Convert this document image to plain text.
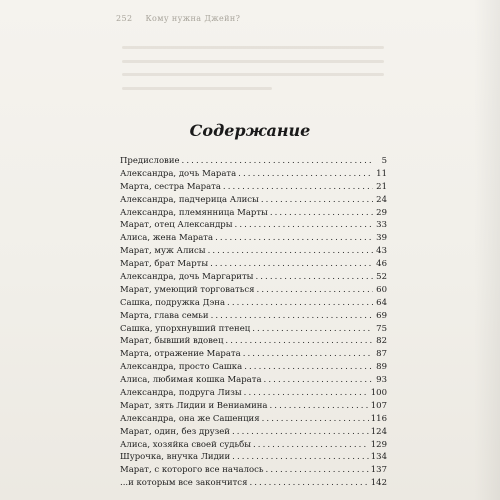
252 Кому нужна Джейн?
Содержание
Предисловие . . .	5
Александра, дочь Марата . . .	11
Марта, сестра Марата . . .	21
Александра, падчерица Алисы . . .	24
Александра, племянница Марты . . .	29
Марат, отец Александры . . .	33
Алиса, жена Марата . . .	39
Марат, муж Алисы . . .	43
Марат, брат Марты . . .	46
Александра, дочь Маргариты . . .	52
Марат, умеющий торговаться . . .	60
Сашка, подружка Дэна . . .	64
Марта, глава семьи . . .	69
Сашка, упорхнувший птенец . . .	75
Марат, бывший вдовец . . .	82
Марта, отражение Марата . . .	87
Александра, просто Сашка . . .	89
Алиса, любимая кошка Марата . . .	93
Александра, подруга Лизы . . .	100
Марат, зять Лидии и Вениамина . . .	107
Александра, она же Сашенция . . .	116
Марат, один, без друзей . . .	124
Алиса, хозяйка своей судьбы . . .	129
Шурочка, внучка Лидии . . .	134
Марат, с которого все началось . . .	137
...и которым все закончится . . .	142
